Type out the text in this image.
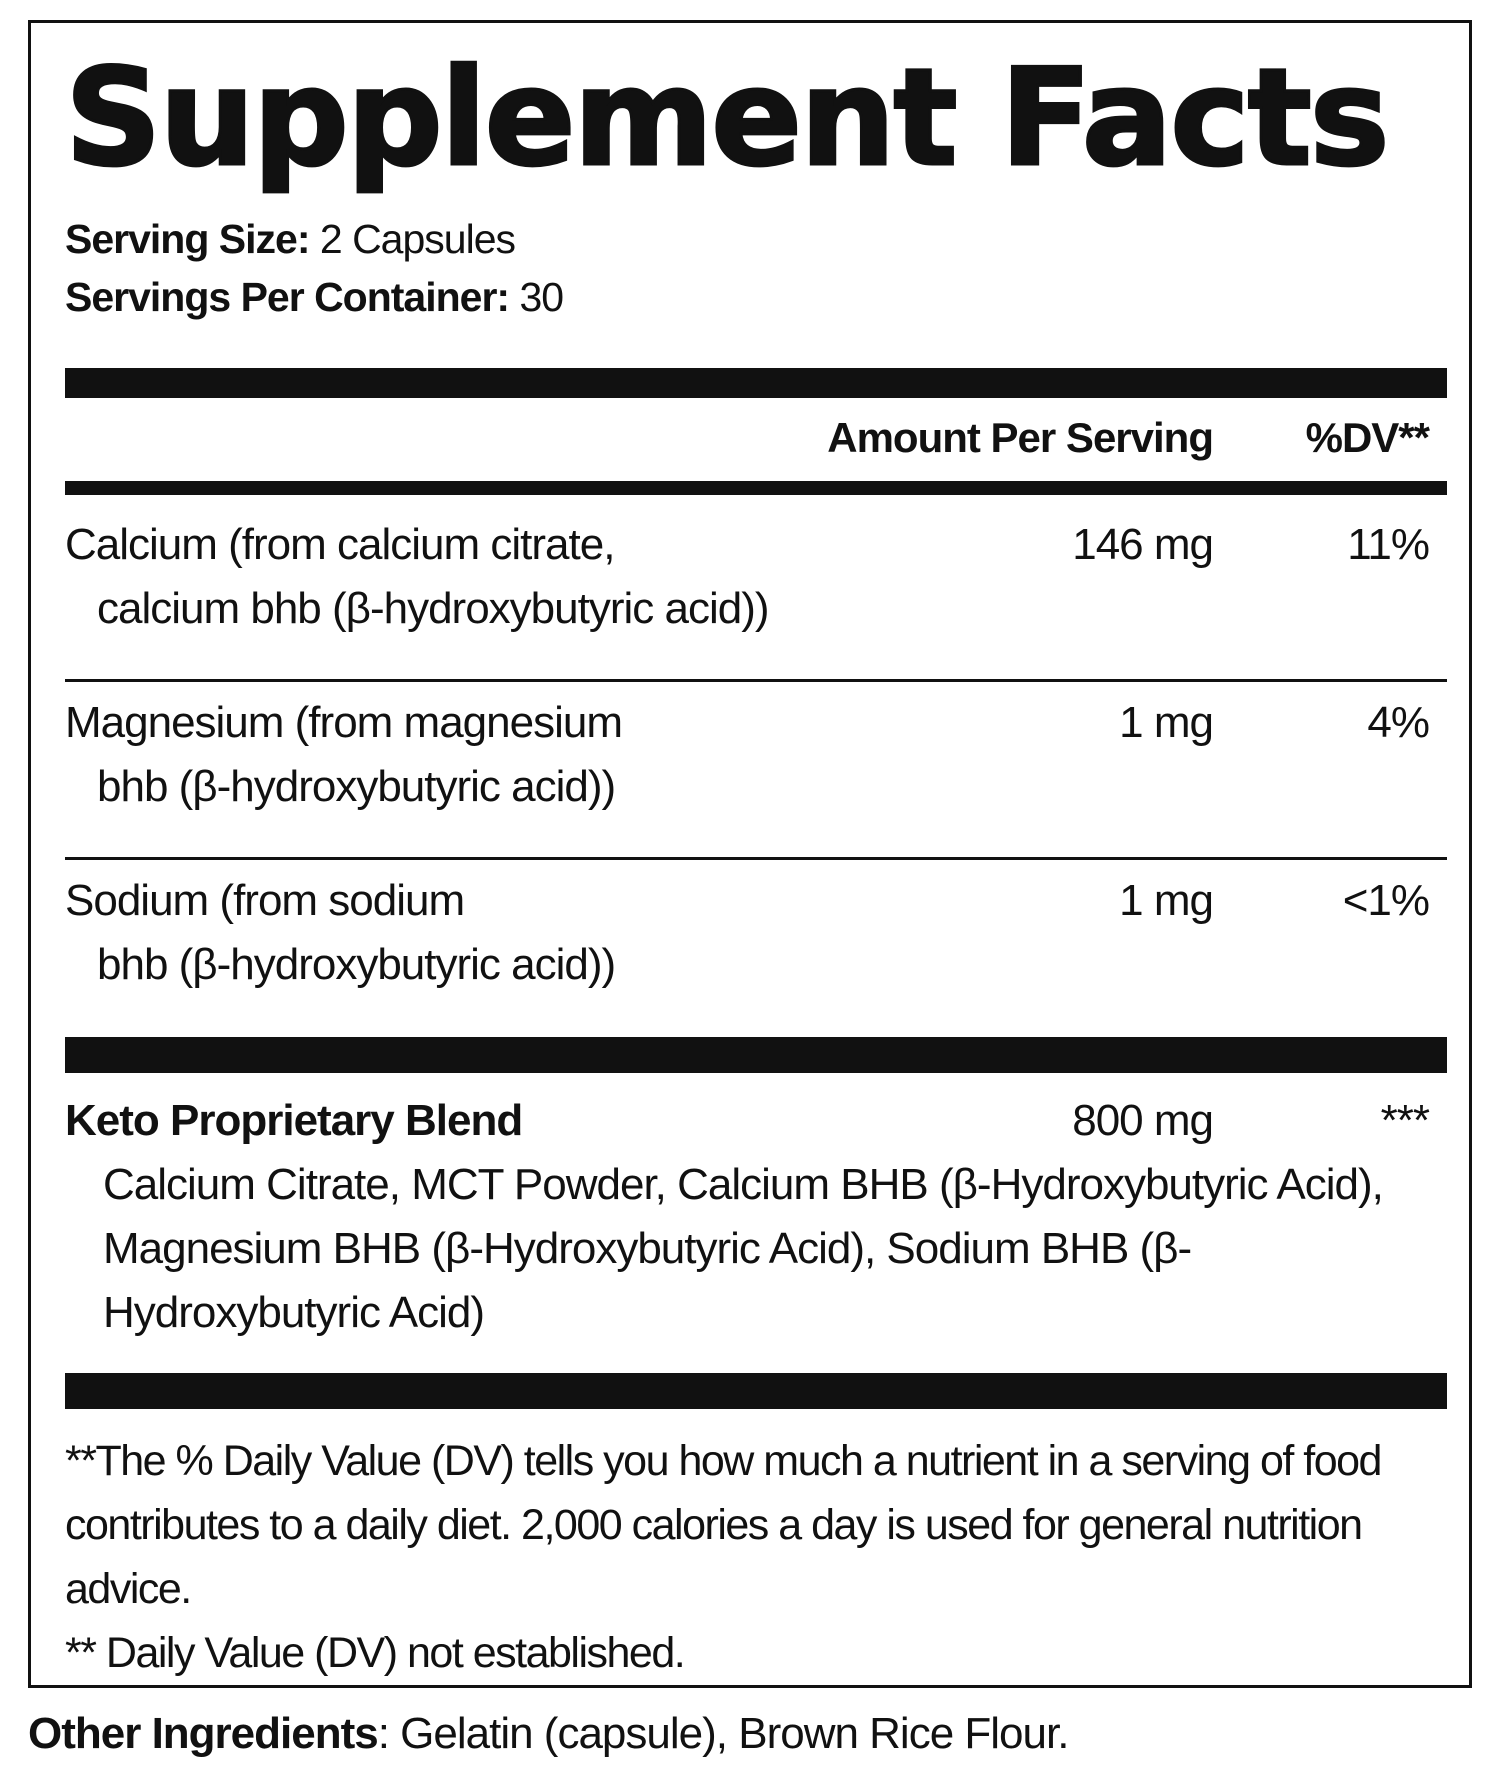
Supplement Facts
Serving Size: 2 Capsules
Servings Per Container: 30
Amount Per Serving %DV**
Calcium (from calcium citrate,
calcium bhb (β-hydroxybutyric acid))
146 mg	11%
Magnesium (from magnesium
bhb (β-hydroxybutyric acid))
1 mg	4%
Sodium (from sodium
bhb (β-hydroxybutyric acid))
1 mg	<1%
Keto Proprietary Blend	800 mg	***
Calcium Citrate, MCT Powder, Calcium BHB (β-Hydroxybutyric Acid), Magnesium BHB (β-Hydroxybutyric Acid), Sodium BHB (β-Hydroxybutyric Acid)
**The % Daily Value (DV) tells you how much a nutrient in a serving of food contributes to a daily diet. 2,000 calories a day is used for general nutrition advice.
** Daily Value (DV) not established.
Other Ingredients: Gelatin (capsule), Brown Rice Flour.
